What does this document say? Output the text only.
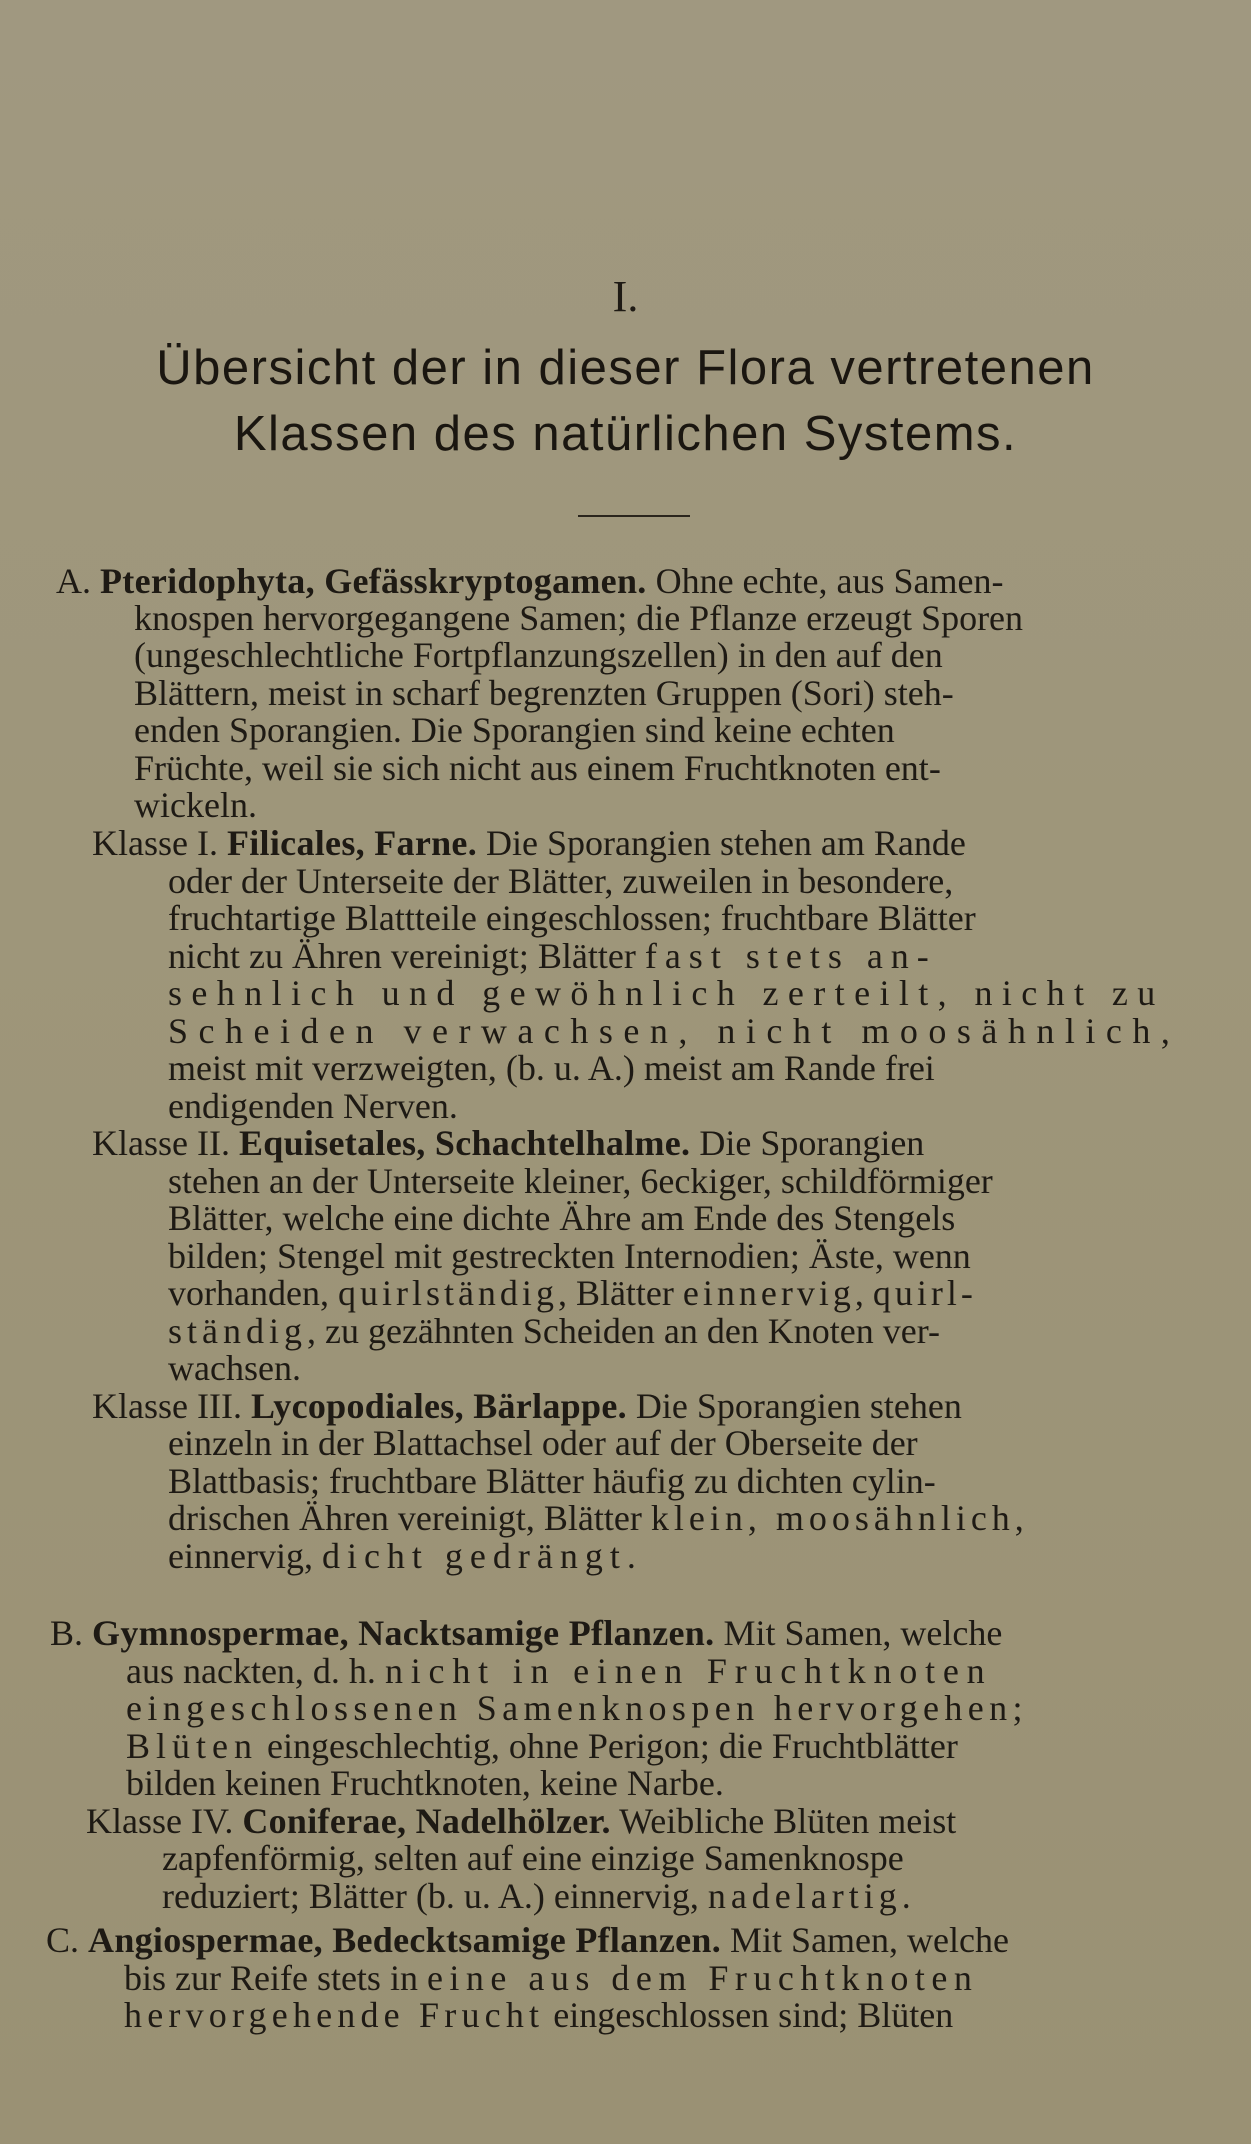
I.
Übersicht der in dieser Flora vertretenen
Klassen des natürlichen Systems.
A. Pteridophyta, Gefässkryptogamen. Ohne echte, aus Samen-
knospen hervorgegangene Samen; die Pflanze erzeugt Sporen
(ungeschlechtliche Fortpflanzungszellen) in den auf den
Blättern, meist in scharf begrenzten Gruppen (Sori) steh-
enden Sporangien. Die Sporangien sind keine echten
Früchte, weil sie sich nicht aus einem Fruchtknoten ent-
wickeln.
Klasse I. Filicales, Farne. Die Sporangien stehen am Rande
oder der Unterseite der Blätter, zuweilen in besondere,
fruchtartige Blattteile eingeschlossen; fruchtbare Blätter
nicht zu Ähren vereinigt; Blätter fast stets an-
sehnlich und gewöhnlich zerteilt, nicht zu
Scheiden verwachsen, nicht moosähnlich,
meist mit verzweigten, (b. u. A.) meist am Rande frei
endigenden Nerven.
Klasse II. Equisetales, Schachtelhalme. Die Sporangien
stehen an der Unterseite kleiner, 6eckiger, schildförmiger
Blätter, welche eine dichte Ähre am Ende des Stengels
bilden; Stengel mit gestreckten Internodien; Äste, wenn
vorhanden, quirlständig, Blätter einnervig, quirl-
ständig, zu gezähnten Scheiden an den Knoten ver-
wachsen.
Klasse III. Lycopodiales, Bärlappe. Die Sporangien stehen
einzeln in der Blattachsel oder auf der Oberseite der
Blattbasis; fruchtbare Blätter häufig zu dichten cylin-
drischen Ähren vereinigt, Blätter klein, moosähnlich,
einnervig, dicht gedrängt.
B. Gymnospermae, Nacktsamige Pflanzen. Mit Samen, welche
aus nackten, d. h. nicht in einen Fruchtknoten
eingeschlossenen Samenknospen hervorgehen;
Blüten eingeschlechtig, ohne Perigon; die Fruchtblätter
bilden keinen Fruchtknoten, keine Narbe.
Klasse IV. Coniferae, Nadelhölzer. Weibliche Blüten meist
zapfenförmig, selten auf eine einzige Samenknospe
reduziert; Blätter (b. u. A.) einnervig, nadelartig.
C. Angiospermae, Bedecktsamige Pflanzen. Mit Samen, welche
bis zur Reife stets in eine aus dem Fruchtknoten
hervorgehende Frucht eingeschlossen sind; Blüten
